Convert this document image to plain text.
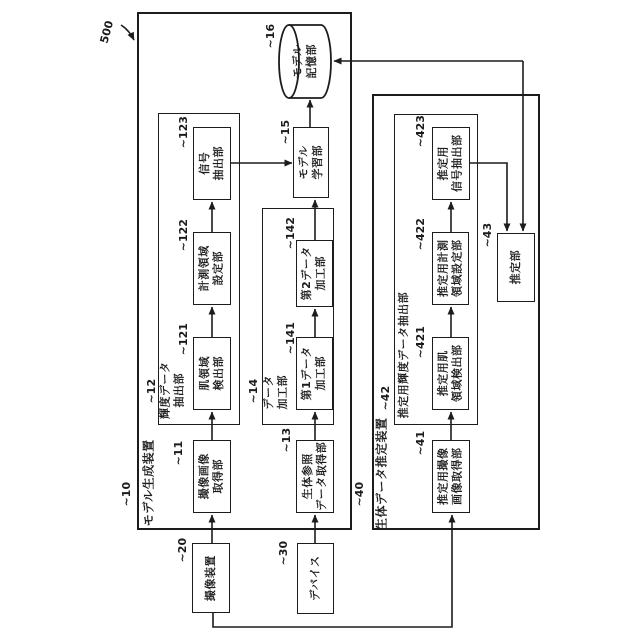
モデル生成装置
~10	生体データ推定装置
~40
輝度データ
抽出部
~12	データ
加工部
~14	推定用輝度データ抽出部
~42
撮像画像
取得部
~11
肌領域
検出部
~121
計測領域
設定部
~122
信号
抽出部
~123
生体参照
データ取得部
~13
第1データ
加工部
~141
第2データ
加工部
~142
モデル
学習部
~15
撮像装置
~20
デバイス
~30
推定用撮像
画像取得部
~41
推定用肌
領域検出部
~421
推定用計測
領域設定部
~422
推定用
信号抽出部
~423
推定部
~43
モデル
記憶部
~16
500
